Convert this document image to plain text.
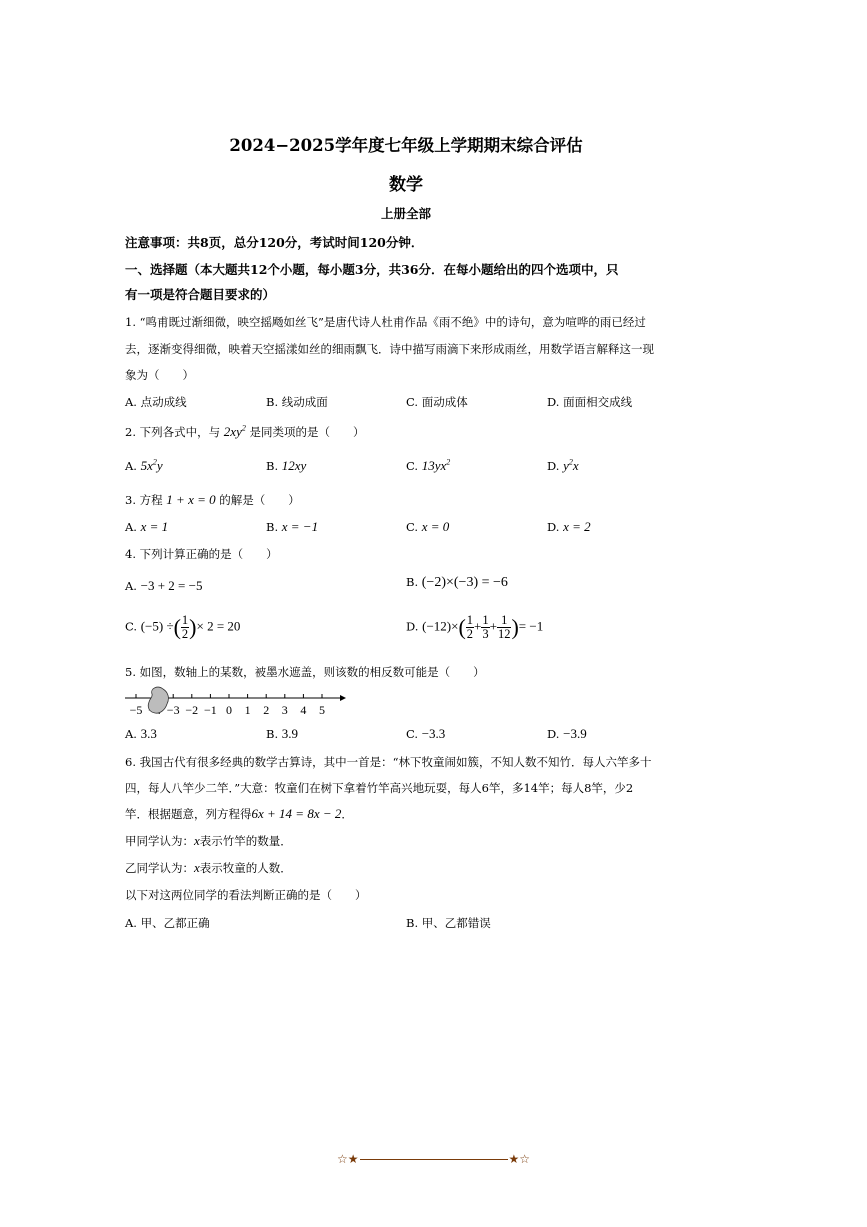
2024−2025学年度七年级上学期期末综合评估
数学
上册全部
注意事项：共8页，总分120分，考试时间120分钟．
一、选择题（本大题共12个小题，每小题3分，共36分．在每小题给出的四个选项中，只
有一项是符合题目要求的）
1. “鸣甫既过渐细微，映空摇飏如丝飞”是唐代诗人杜甫作品《雨不绝》中的诗句，意为喧哗的雨已经过
去，逐渐变得细微，映着天空摇漾如丝的细雨飘飞．诗中描写雨滴下来形成雨丝，用数学语言解释这一现
象为（　　）
A. 点动成线	B. 线动成面	C. 面动成体	D. 面面相交成线
2. 下列各式中，与 $2xy^2$ 是同类项的是（　　）
A. $5x^2y$	B. 12xy	C. $13yx^2$	D. $y^2x$
3. 方程 1 + x = 0 的解是（　　）
A. x = 1	B. x = −1	C. x = 0	D. x = 2
4. 下列计算正确的是（　　）
A. −3 + 2 = −5	B. (−2)×(−3) = −6
C. (−5) ÷( $\frac{1}{2}$ )× 2 = 20	D. $(-12)\times( \frac{1}{2} + \frac{1}{3} + \frac{1}{12}$ )= −1
5. 如图，数轴上的某数，被墨水遮盖，则该数的相反数可能是（　　）
−5 −3 −2 −1 0 1 2 3 4 5
A. 3.3	B. 3.9	C. −3.3	D. −3.9
6. 我国古代有很多经典的数学古算诗，其中一首是：“林下牧童闹如簇，不知人数不知竹．每人六竿多十
四，每人八竿少二竿．”大意：牧童们在树下拿着竹竿高兴地玩耍，每人6竿，多14竿；每人8竿，少2
竿．根据题意，列方程得6x + 14 = 8x − 2．
甲同学认为：x表示竹竿的数量．
乙同学认为：x表示牧童的人数．
以下对这两位同学的看法判断正确的是（　　）
A. 甲、乙都正确	B. 甲、乙都错误
☆★	★☆
